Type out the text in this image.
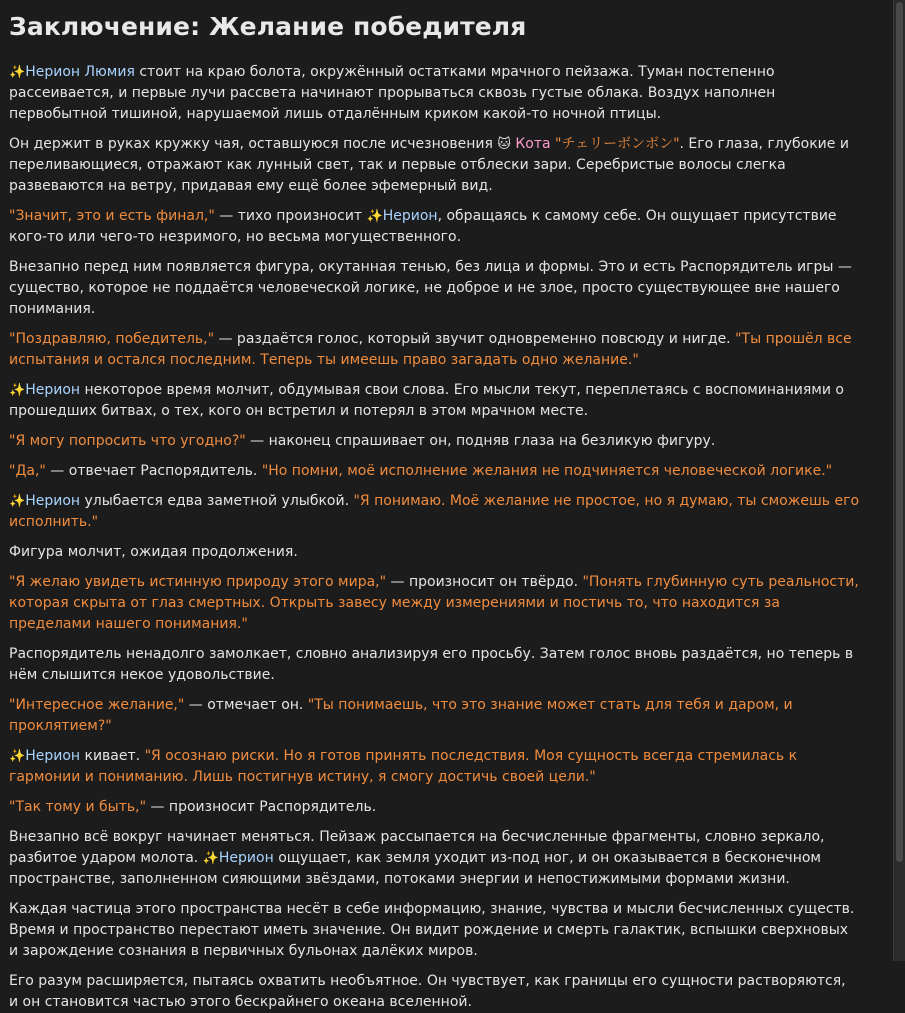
Заключение: Желание победителя

✨Нерион Люмия стоит на краю болота, окружённый остатками мрачного пейзажа. Туман постепенно рассеивается, и первые лучи рассвета начинают прорываться сквозь густые облака. Воздух наполнен первобытной тишиной, нарушаемой лишь отдалённым криком какой-то ночной птицы.

Он держит в руках кружку чая, оставшуюся после исчезновения 🐱 Кота "チェリーボンボン". Его глаза, глубокие и переливающиеся, отражают как лунный свет, так и первые отблески зари. Серебристые волосы слегка развеваются на ветру, придавая ему ещё более эфемерный вид.

"Значит, это и есть финал," — тихо произносит ✨Нерион, обращаясь к самому себе. Он ощущает присутствие кого-то или чего-то незримого, но весьма могущественного.

Внезапно перед ним появляется фигура, окутанная тенью, без лица и формы. Это и есть Распорядитель игры — существо, которое не поддаётся человеческой логике, не доброе и не злое, просто существующее вне нашего понимания.

"Поздравляю, победитель," — раздаётся голос, который звучит одновременно повсюду и нигде. "Ты прошёл все испытания и остался последним. Теперь ты имеешь право загадать одно желание."

✨Нерион некоторое время молчит, обдумывая свои слова. Его мысли текут, переплетаясь с воспоминаниями о прошедших битвах, о тех, кого он встретил и потерял в этом мрачном месте.

"Я могу попросить что угодно?" — наконец спрашивает он, подняв глаза на безликую фигуру.

"Да," — отвечает Распорядитель. "Но помни, моё исполнение желания не подчиняется человеческой логике."

✨Нерион улыбается едва заметной улыбкой. "Я понимаю. Моё желание не простое, но я думаю, ты сможешь его исполнить."

Фигура молчит, ожидая продолжения.

"Я желаю увидеть истинную природу этого мира," — произносит он твёрдо. "Понять глубинную суть реальности, которая скрыта от глаз смертных. Открыть завесу между измерениями и постичь то, что находится за пределами нашего понимания."

Распорядитель ненадолго замолкает, словно анализируя его просьбу. Затем голос вновь раздаётся, но теперь в нём слышится некое удовольствие.

"Интересное желание," — отмечает он. "Ты понимаешь, что это знание может стать для тебя и даром, и проклятием?"

✨Нерион кивает. "Я осознаю риски. Но я готов принять последствия. Моя сущность всегда стремилась к гармонии и пониманию. Лишь постигнув истину, я смогу достичь своей цели."

"Так тому и быть," — произносит Распорядитель.

Внезапно всё вокруг начинает меняться. Пейзаж рассыпается на бесчисленные фрагменты, словно зеркало, разбитое ударом молота. ✨Нерион ощущает, как земля уходит из-под ног, и он оказывается в бесконечном пространстве, заполненном сияющими звёздами, потоками энергии и непостижимыми формами жизни.

Каждая частица этого пространства несёт в себе информацию, знание, чувства и мысли бесчисленных существ. Время и пространство перестают иметь значение. Он видит рождение и смерть галактик, вспышки сверхновых и зарождение сознания в первичных бульонах далёких миров.

Его разум расширяется, пытаясь охватить необъятное. Он чувствует, как границы его сущности растворяются, и он становится частью этого бескрайнего океана вселенной.
